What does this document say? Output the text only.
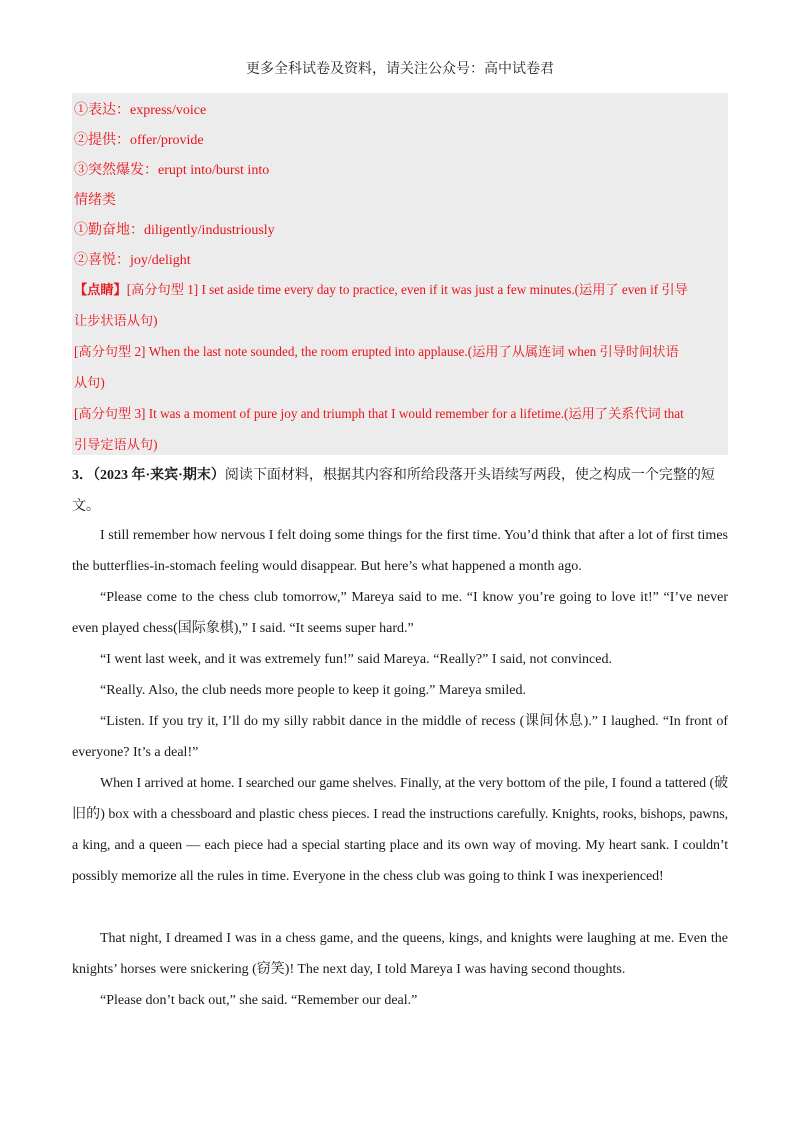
更多全科试卷及资料，请关注公众号：高中试卷君
①表达：express/voice
②提供：offer/provide
③突然爆发：erupt into/burst into
情绪类
①勤奋地：diligently/industriously
②喜悦：joy/delight
【点睛】[高分句型 1] I set aside time every day to practice, even if it was just a few minutes.(运用了 even if 引导
让步状语从句)
[高分句型 2] When the last note sounded, the room erupted into applause.(运用了从属连词 when 引导时间状语
从句)
[高分句型 3] It was a moment of pure joy and triumph that I would remember for a lifetime.(运用了关系代词 that
引导定语从句)
3．（2023 年·来宾·期末）阅读下面材料，根据其内容和所给段落开头语续写两段，使之构成一个完整的短
文。
I still remember how nervous I felt doing some things for the first time. You’d think that after a lot of first times the butterflies-in-stomach feeling would disappear. But here’s what happened a month ago.
“Please come to the chess club tomorrow,” Mareya said to me. “I know you’re going to love it!” “I’ve never even played chess(国际象棋),” I said. “It seems super hard.”
“I went last week, and it was extremely fun!” said Mareya. “Really?” I said, not convinced.
“Really. Also, the club needs more people to keep it going.” Mareya smiled.
“Listen. If you try it, I’ll do my silly rabbit dance in the middle of recess (课间休息).” I laughed. “In front of everyone? It’s a deal!”
When I arrived at home. I searched our game shelves. Finally, at the very bottom of the pile, I found a tattered (破旧的) box with a chessboard and plastic chess pieces. I read the instructions carefully. Knights, rooks, bishops, pawns, a king, and a queen — each piece had a special starting place and its own way of moving. My heart sank. I couldn’t possibly memorize all the rules in time. Everyone in the chess club was going to think I was inexperienced!
That night, I dreamed I was in a chess game, and the queens, kings, and knights were laughing at me. Even the knights’ horses were snickering (窃笑)! The next day, I told Mareya I was having second thoughts.
“Please don’t back out,” she said. “Remember our deal.”
